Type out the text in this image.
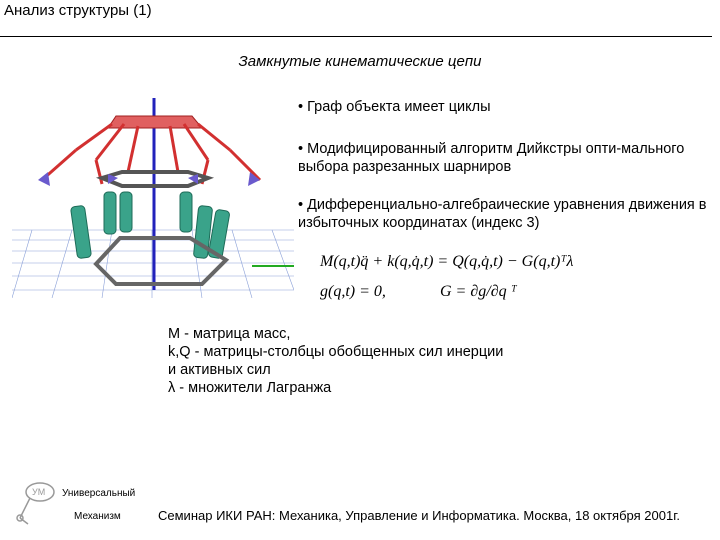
Анализ структуры (1)
Замкнутые кинематические цепи
• Граф объекта имеет циклы
• Модифицированный алгоритм Дийкстры опти-мального выбора разрезанных шарниров
• Дифференциально-алгебраические уравнения движения в избыточных координатах (индекс 3)
M(q,t)q̈ + k(q,q̇,t) = Q(q,q̇,t) − G(q,t)ᵀλ
g(q,t) = 0,	G = ∂g/∂q ᵀ
M - матрица масс,
k,Q - матрицы-столбцы обобщенных сил инерции
и активных сил
λ - множители Лагранжа
УМ Универсальный
Механизм	Семинар ИКИ РАН: Механика, Управление и Информатика. Москва, 18 октября 2001г.
